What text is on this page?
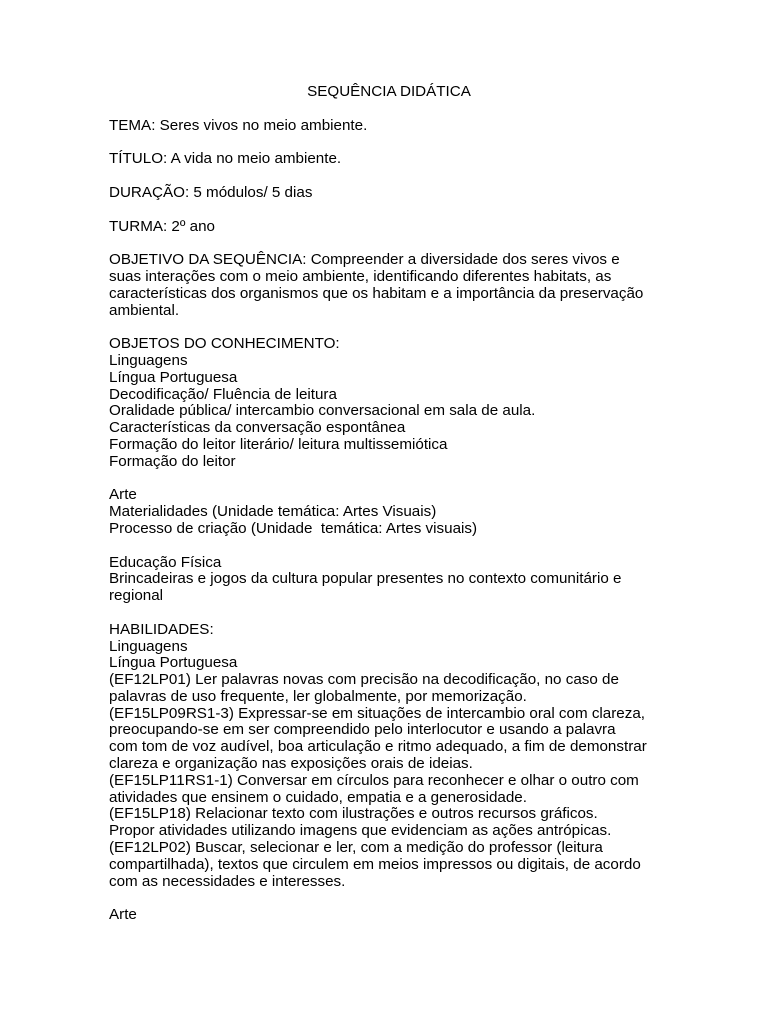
SEQUÊNCIA DIDÁTICA
TEMA: Seres vivos no meio ambiente.
TÍTULO: A vida no meio ambiente.
DURAÇÃO: 5 módulos/ 5 dias
TURMA: 2º ano
OBJETIVO DA SEQUÊNCIA: Compreender a diversidade dos seres vivos e
suas interações com o meio ambiente, identificando diferentes habitats, as
características dos organismos que os habitam e a importância da preservação
ambiental.
OBJETOS DO CONHECIMENTO:
Linguagens
Língua Portuguesa
Decodificação/ Fluência de leitura
Oralidade pública/ intercambio conversacional em sala de aula.
Características da conversação espontânea
Formação do leitor literário/ leitura multissemiótica
Formação do leitor
Arte
Materialidades (Unidade temática: Artes Visuais)
Processo de criação (Unidade  temática: Artes visuais)
Educação Física
Brincadeiras e jogos da cultura popular presentes no contexto comunitário e
regional
HABILIDADES:
Linguagens
Língua Portuguesa
(EF12LP01) Ler palavras novas com precisão na decodificação, no caso de
palavras de uso frequente, ler globalmente, por memorização.
(EF15LP09RS1-3) Expressar-se em situações de intercambio oral com clareza,
preocupando-se em ser compreendido pelo interlocutor e usando a palavra
com tom de voz audível, boa articulação e ritmo adequado, a fim de demonstrar
clareza e organização nas exposições orais de ideias.
(EF15LP11RS1-1) Conversar em círculos para reconhecer e olhar o outro com
atividades que ensinem o cuidado, empatia e a generosidade.
(EF15LP18) Relacionar texto com ilustrações e outros recursos gráficos.
Propor atividades utilizando imagens que evidenciam as ações antrópicas.
(EF12LP02) Buscar, selecionar e ler, com a medição do professor (leitura
compartilhada), textos que circulem em meios impressos ou digitais, de acordo
com as necessidades e interesses.
Arte
